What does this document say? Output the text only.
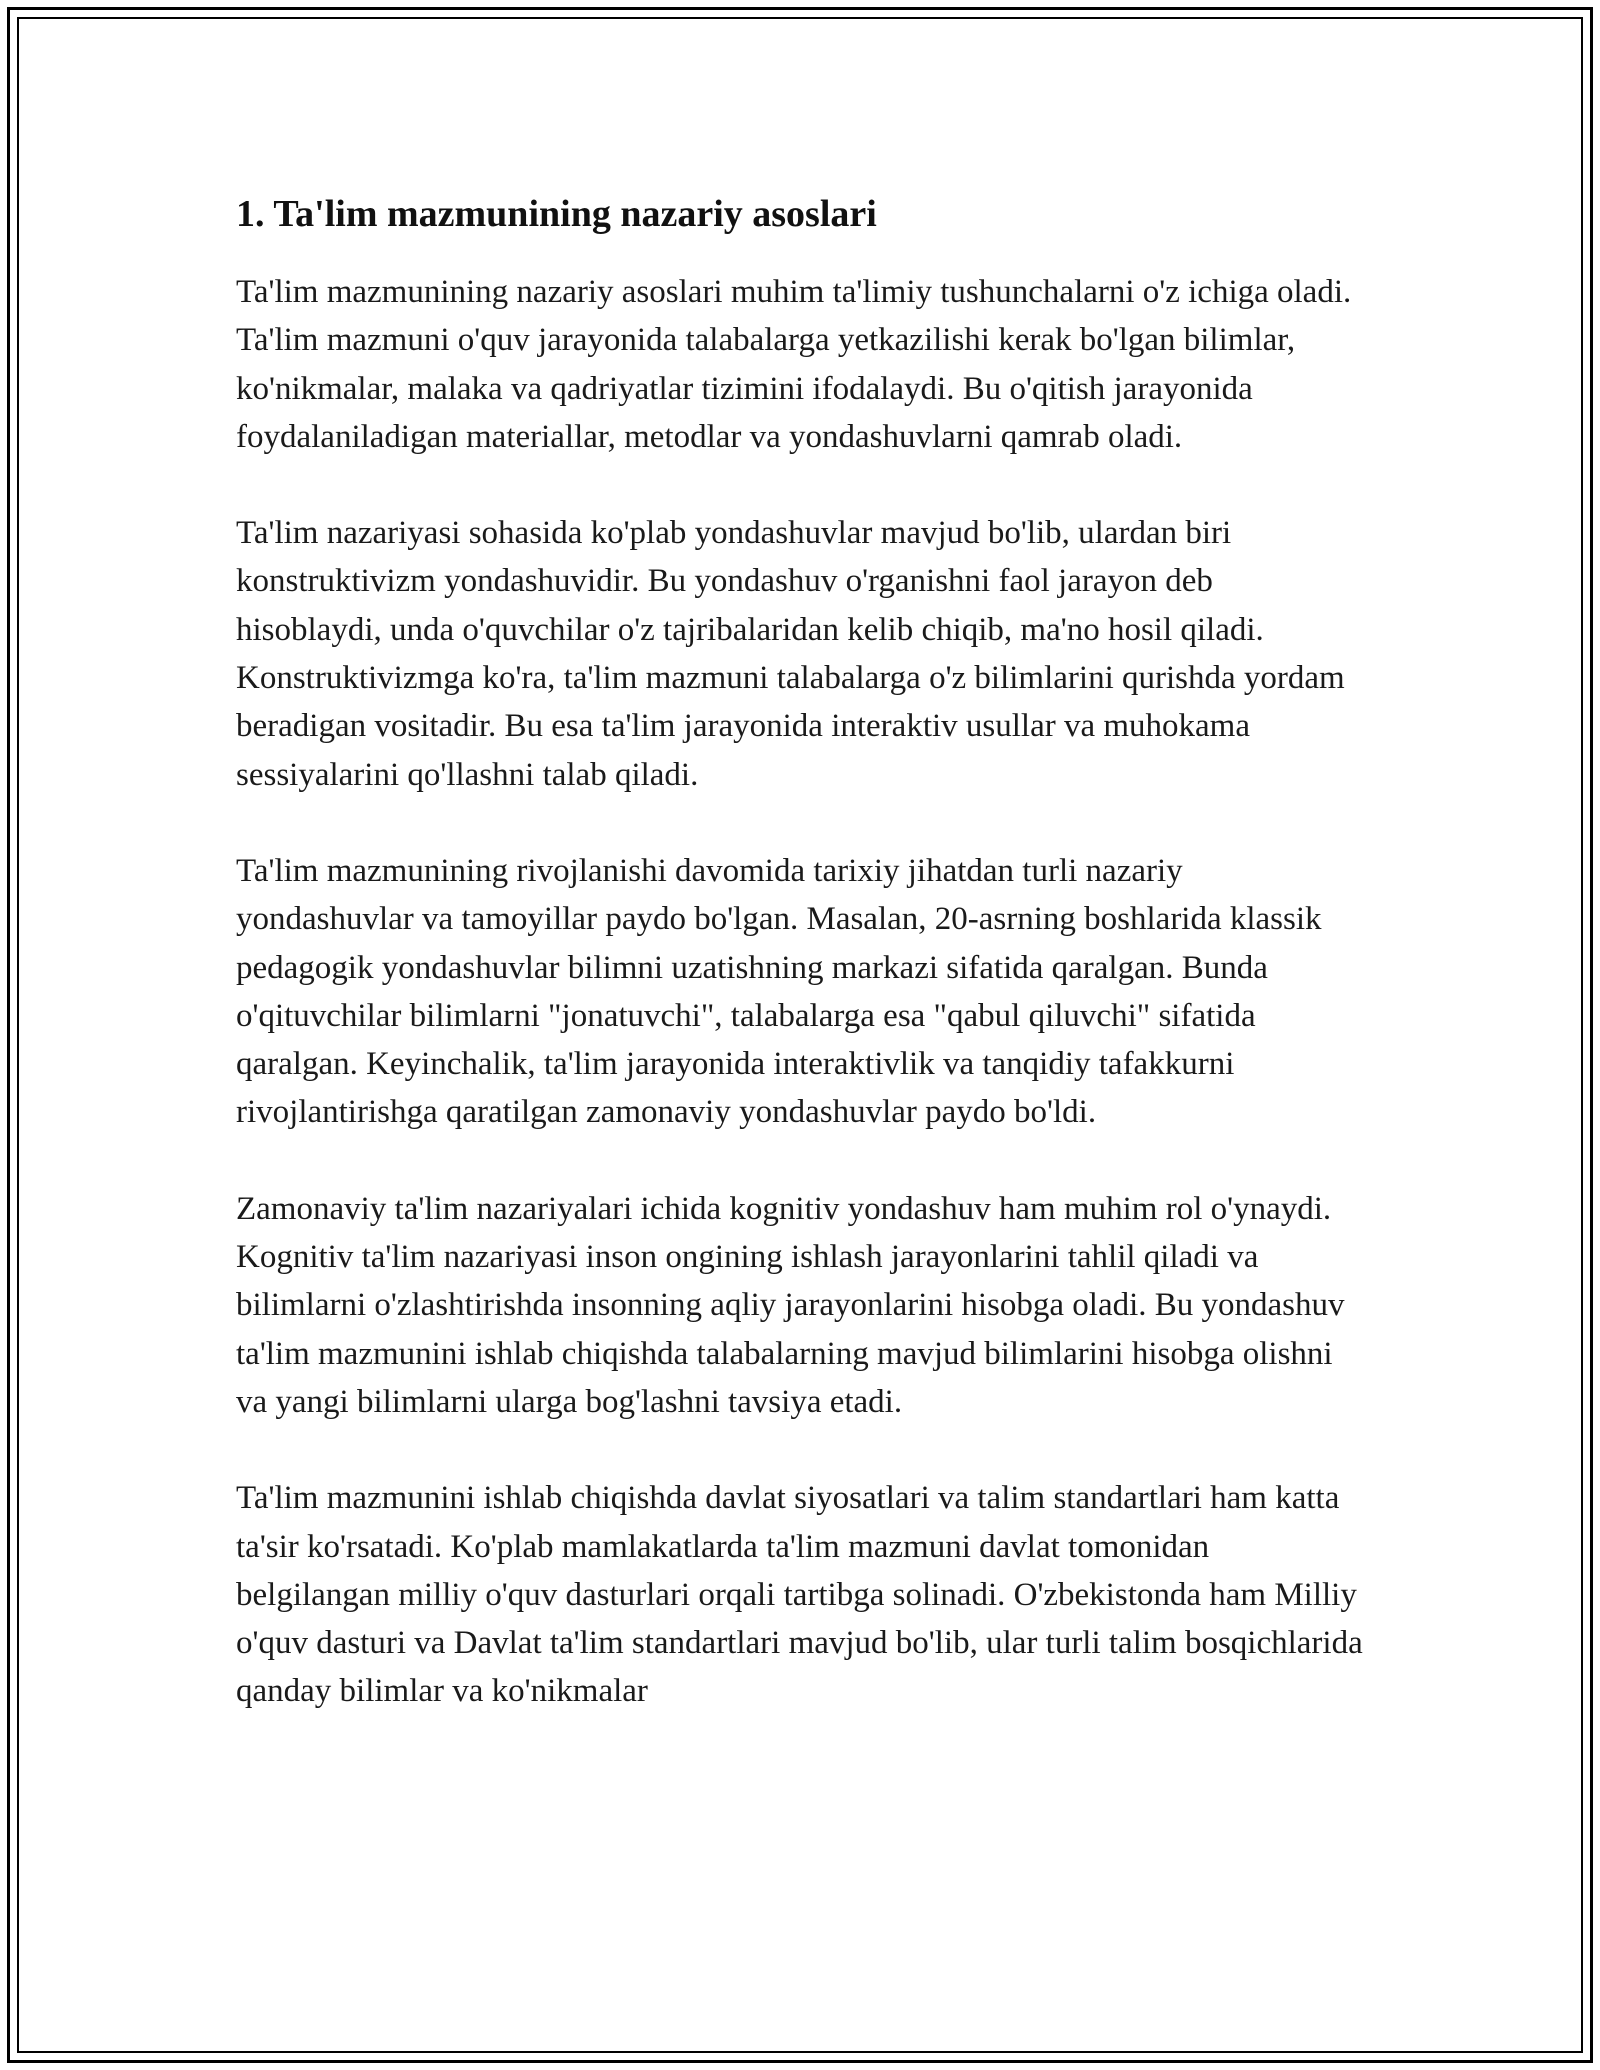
1. Ta'lim mazmunining nazariy asoslari

Ta'lim mazmunining nazariy asoslari muhim ta'limiy tushunchalarni o'z ichiga oladi. Ta'lim mazmuni o'quv jarayonida talabalarga yetkazilishi kerak bo'lgan bilimlar, ko'nikmalar, malaka va qadriyatlar tizimini ifodalaydi. Bu o'qitish jarayonida foydalaniladigan materiallar, metodlar va yondashuvlarni qamrab oladi.

Ta'lim nazariyasi sohasida ko'plab yondashuvlar mavjud bo'lib, ulardan biri konstruktivizm yondashuvidir. Bu yondashuv o'rganishni faol jarayon deb hisoblaydi, unda o'quvchilar o'z tajribalaridan kelib chiqib, ma'no hosil qiladi. Konstruktivizmga ko'ra, ta'lim mazmuni talabalarga o'z bilimlarini qurishda yordam beradigan vositadir. Bu esa ta'lim jarayonida interaktiv usullar va muhokama sessiyalarini qo'llashni talab qiladi.

Ta'lim mazmunining rivojlanishi davomida tarixiy jihatdan turli nazariy yondashuvlar va tamoyillar paydo bo'lgan. Masalan, 20-asrning boshlarida klassik pedagogik yondashuvlar bilimni uzatishning markazi sifatida qaralgan. Bunda o'qituvchilar bilimlarni "jonatuvchi", talabalarga esa "qabul qiluvchi" sifatida qaralgan. Keyinchalik, ta'lim jarayonida interaktivlik va tanqidiy tafakkurni rivojlantirishga qaratilgan zamonaviy yondashuvlar paydo bo'ldi.

Zamonaviy ta'lim nazariyalari ichida kognitiv yondashuv ham muhim rol o'ynaydi. Kognitiv ta'lim nazariyasi inson ongining ishlash jarayonlarini tahlil qiladi va bilimlarni o'zlashtirishda insonning aqliy jarayonlarini hisobga oladi. Bu yondashuv ta'lim mazmunini ishlab chiqishda talabalarning mavjud bilimlarini hisobga olishni va yangi bilimlarni ularga bog'lashni tavsiya etadi.

Ta'lim mazmunini ishlab chiqishda davlat siyosatlari va talim standartlari ham katta ta'sir ko'rsatadi. Ko'plab mamlakatlarda ta'lim mazmuni davlat tomonidan belgilangan milliy o'quv dasturlari orqali tartibga solinadi. O'zbekistonda ham Milliy o'quv dasturi va Davlat ta'lim standartlari mavjud bo'lib, ular turli talim bosqichlarida qanday bilimlar va ko'nikmalar
